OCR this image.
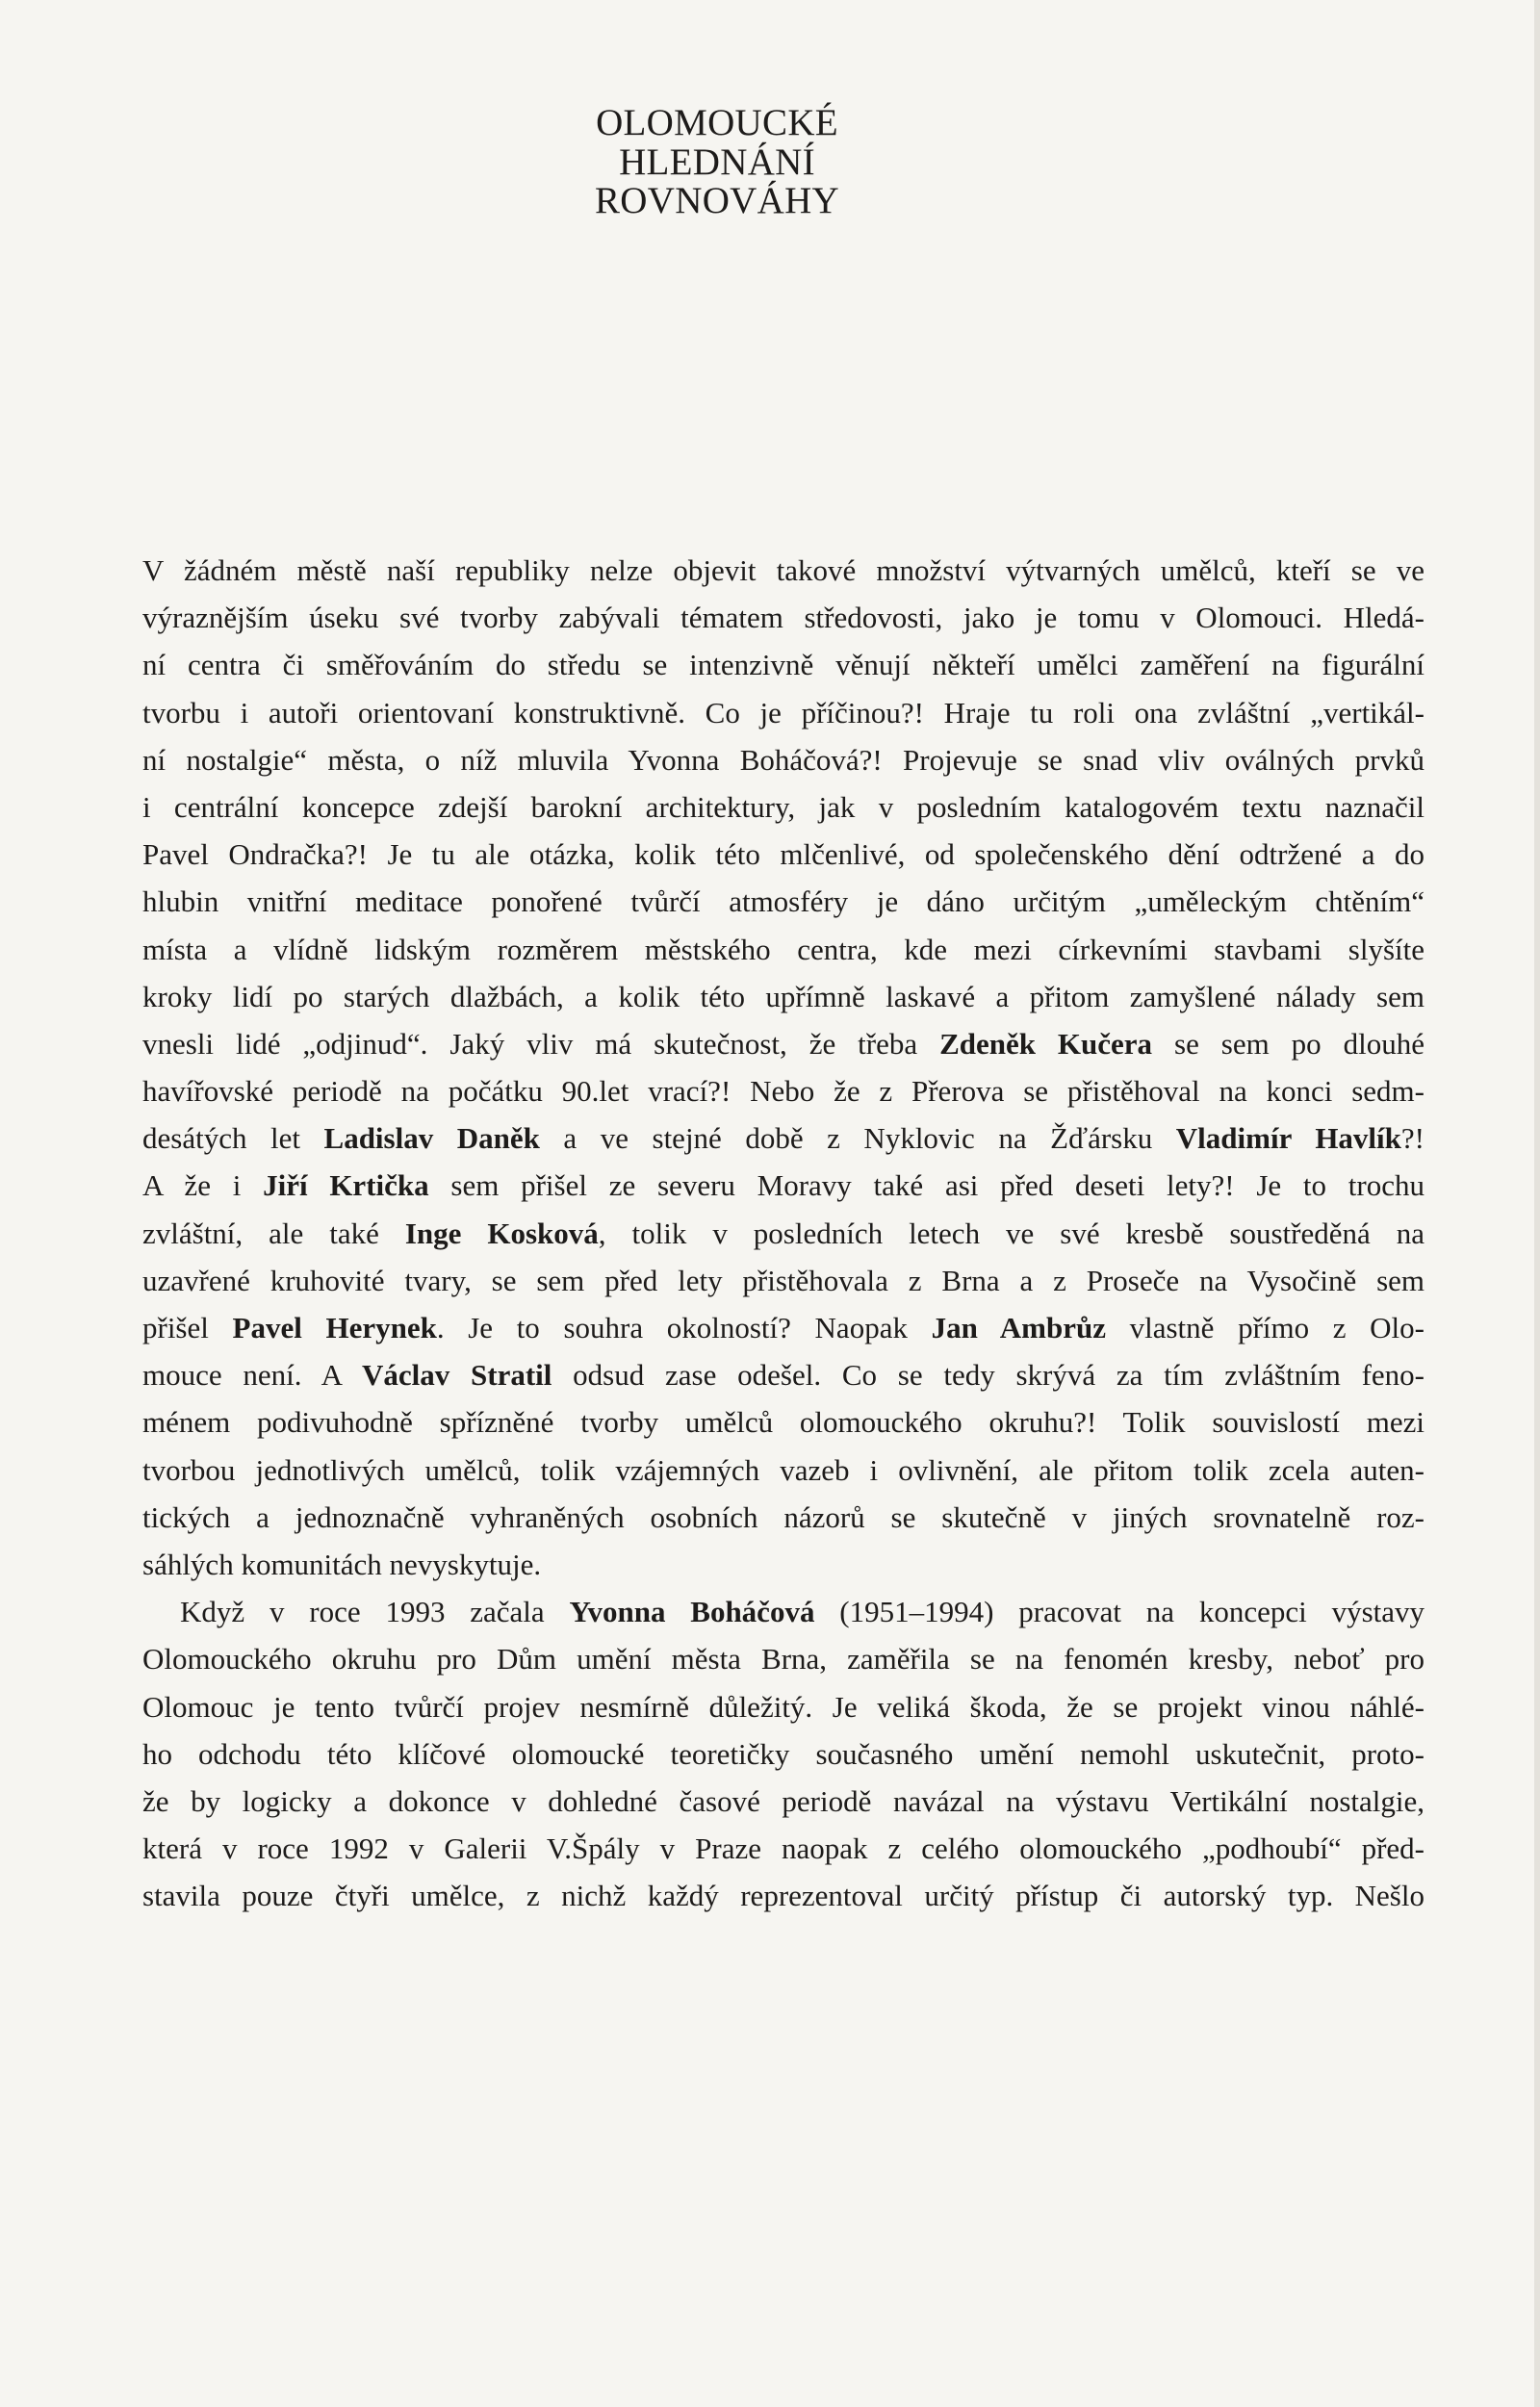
OLOMOUCKÉ
HLEDNÁNÍ
ROVNOVÁHY
V žádném městě naší republiky nelze objevit takové množství výtvarných umělců, kteří se ve
výraznějším úseku své tvorby zabývali tématem středovosti, jako je tomu v Olomouci. Hledá-
ní centra či směřováním do středu se intenzivně věnují někteří umělci zaměření na figurální
tvorbu i autoři orientovaní konstruktivně. Co je příčinou?! Hraje tu roli ona zvláštní „vertikál-
ní nostalgie“ města, o níž mluvila Yvonna Boháčová?! Projevuje se snad vliv oválných prvků
i centrální koncepce zdejší barokní architektury, jak v posledním katalogovém textu naznačil
Pavel Ondračka?! Je tu ale otázka, kolik této mlčenlivé, od společenského dění odtržené a do
hlubin vnitřní meditace ponořené tvůrčí atmosféry je dáno určitým „uměleckým chtěním“
místa a vlídně lidským rozměrem městského centra, kde mezi církevními stavbami slyšíte
kroky lidí po starých dlažbách, a kolik této upřímně laskavé a přitom zamyšlené nálady sem
vnesli lidé „odjinud“. Jaký vliv má skutečnost, že třeba Zdeněk Kučera se sem po dlouhé
havířovské periodě na počátku 90.let vrací?! Nebo že z Přerova se přistěhoval na konci sedm-
desátých let Ladislav Daněk a ve stejné době z Nyklovic na Žďársku Vladimír Havlík?!
A že i Jiří Krtička sem přišel ze severu Moravy také asi před deseti lety?! Je to trochu
zvláštní, ale také Inge Kosková, tolik v posledních letech ve své kresbě soustředěná na
uzavřené kruhovité tvary, se sem před lety přistěhovala z Brna a z Proseče na Vysočině sem
přišel Pavel Herynek. Je to souhra okolností? Naopak Jan Ambrůz vlastně přímo z Olo-
mouce není. A Václav Stratil odsud zase odešel. Co se tedy skrývá za tím zvláštním feno-
ménem podivuhodně spřízněné tvorby umělců olomouckého okruhu?! Tolik souvislostí mezi
tvorbou jednotlivých umělců, tolik vzájemných vazeb i ovlivnění, ale přitom tolik zcela auten-
tických a jednoznačně vyhraněných osobních názorů se skutečně v jiných srovnatelně roz-
sáhlých komunitách nevyskytuje.
Když v roce 1993 začala Yvonna Boháčová (1951–1994) pracovat na koncepci výstavy
Olomouckého okruhu pro Dům umění města Brna, zaměřila se na fenomén kresby, neboť pro
Olomouc je tento tvůrčí projev nesmírně důležitý. Je veliká škoda, že se projekt vinou náhlé-
ho odchodu této klíčové olomoucké teoretičky současného umění nemohl uskutečnit, proto-
že by logicky a dokonce v dohledné časové periodě navázal na výstavu Vertikální nostalgie,
která v roce 1992 v Galerii V.Špály v Praze naopak z celého olomouckého „podhoubí“ před-
stavila pouze čtyři umělce, z nichž každý reprezentoval určitý přístup či autorský typ. Nešlo
